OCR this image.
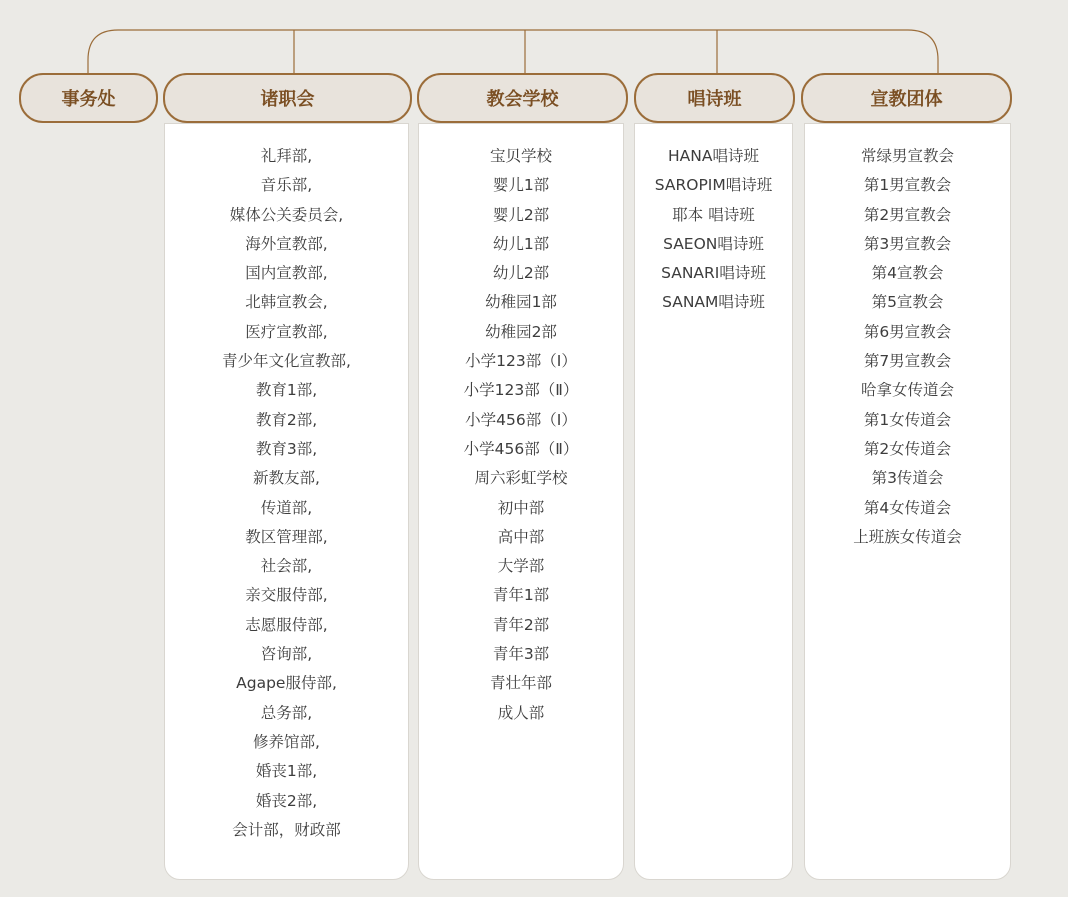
事务处
礼拜部,
音乐部,
媒体公关委员会,
海外宣教部,
国内宣教部,
北韩宣教会,
医疗宣教部,
青少年文化宣教部,
教育1部,
教育2部,
教育3部,
新教友部,
传道部,
教区管理部,
社会部,
亲交服侍部,
志愿服侍部,
咨询部,
Agape服侍部,
总务部,
修养馆部,
婚丧1部,
婚丧2部,
会计部，财政部
诸职会
宝贝学校
婴儿1部
婴儿2部
幼儿1部
幼儿2部
幼稚园1部
幼稚园2部
小学123部（Ⅰ）
小学123部（Ⅱ）
小学456部（Ⅰ）
小学456部（Ⅱ）
周六彩虹学校
初中部
高中部
大学部
青年1部
青年2部
青年3部
青壮年部
成人部
教会学校
HANA唱诗班
SAROPIM唱诗班
耶本 唱诗班
SAEON唱诗班
SANARI唱诗班
SANAM唱诗班
唱诗班
常绿男宣教会
第1男宣教会
第2男宣教会
第3男宣教会
第4宣教会
第5宣教会
第6男宣教会
第7男宣教会
哈拿女传道会
第1女传道会
第2女传道会
第3传道会
第4女传道会
上班族女传道会
宣教团体
